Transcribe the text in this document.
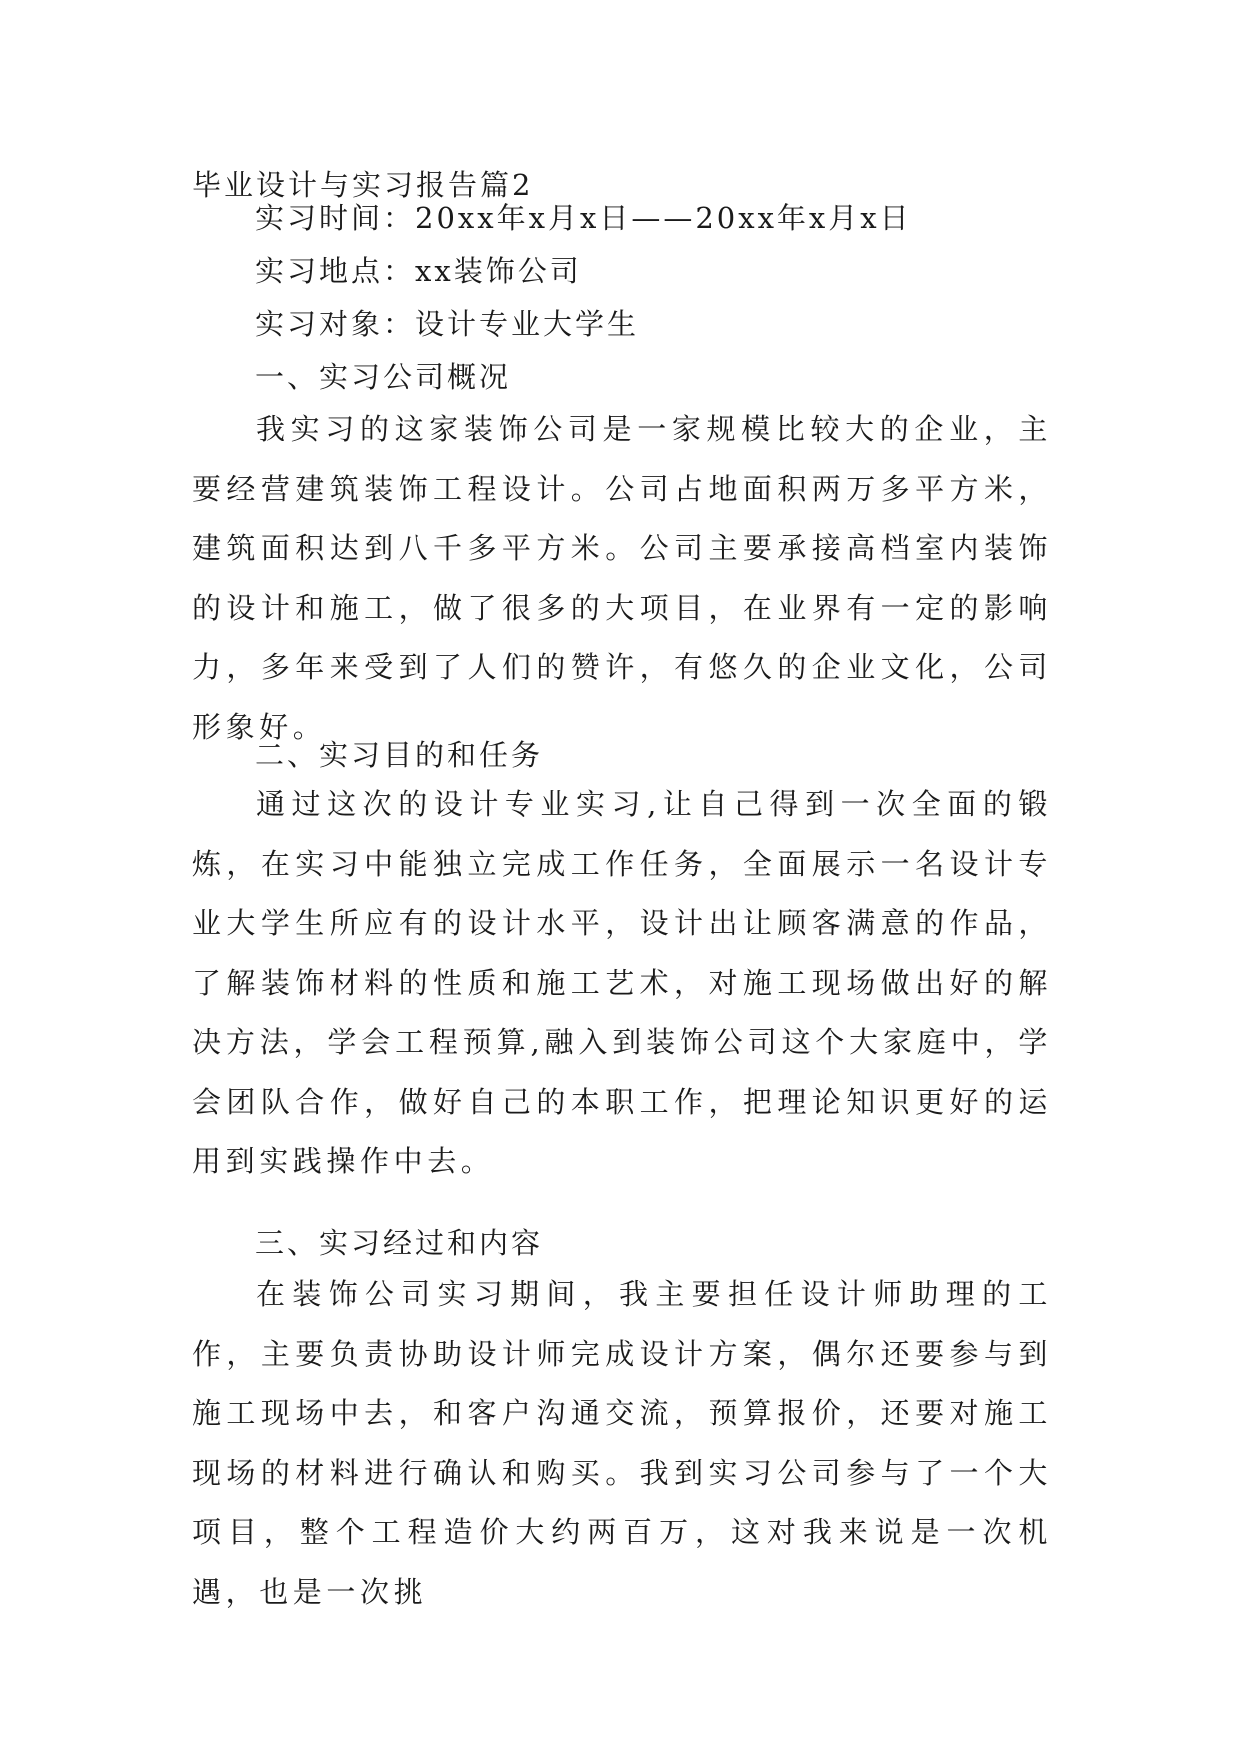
毕业设计与实习报告篇2

实习时间：20xx年x月x日——20xx年x月x日

实习地点：xx装饰公司

实习对象：设计专业大学生

一、实习公司概况

我实习的这家装饰公司是一家规模比较大的企业，主要经营建筑装饰工程设计。公司占地面积两万多平方米，建筑面积达到八千多平方米。公司主要承接高档室内装饰的设计和施工，做了很多的大项目，在业界有一定的影响力，多年来受到了人们的赞许，有悠久的企业文化，公司形象好。

二、实习目的和任务

通过这次的设计专业实习,让自己得到一次全面的锻炼，在实习中能独立完成工作任务，全面展示一名设计专业大学生所应有的设计水平，设计出让顾客满意的作品，了解装饰材料的性质和施工艺术，对施工现场做出好的解决方法，学会工程预算,融入到装饰公司这个大家庭中，学会团队合作，做好自己的本职工作，把理论知识更好的运用到实践操作中去。

三、实习经过和内容

在装饰公司实习期间，我主要担任设计师助理的工作，主要负责协助设计师完成设计方案，偶尔还要参与到施工现场中去，和客户沟通交流，预算报价，还要对施工现场的材料进行确认和购买。我到实习公司参与了一个大项目，整个工程造价大约两百万，这对我来说是一次机遇，也是一次挑
